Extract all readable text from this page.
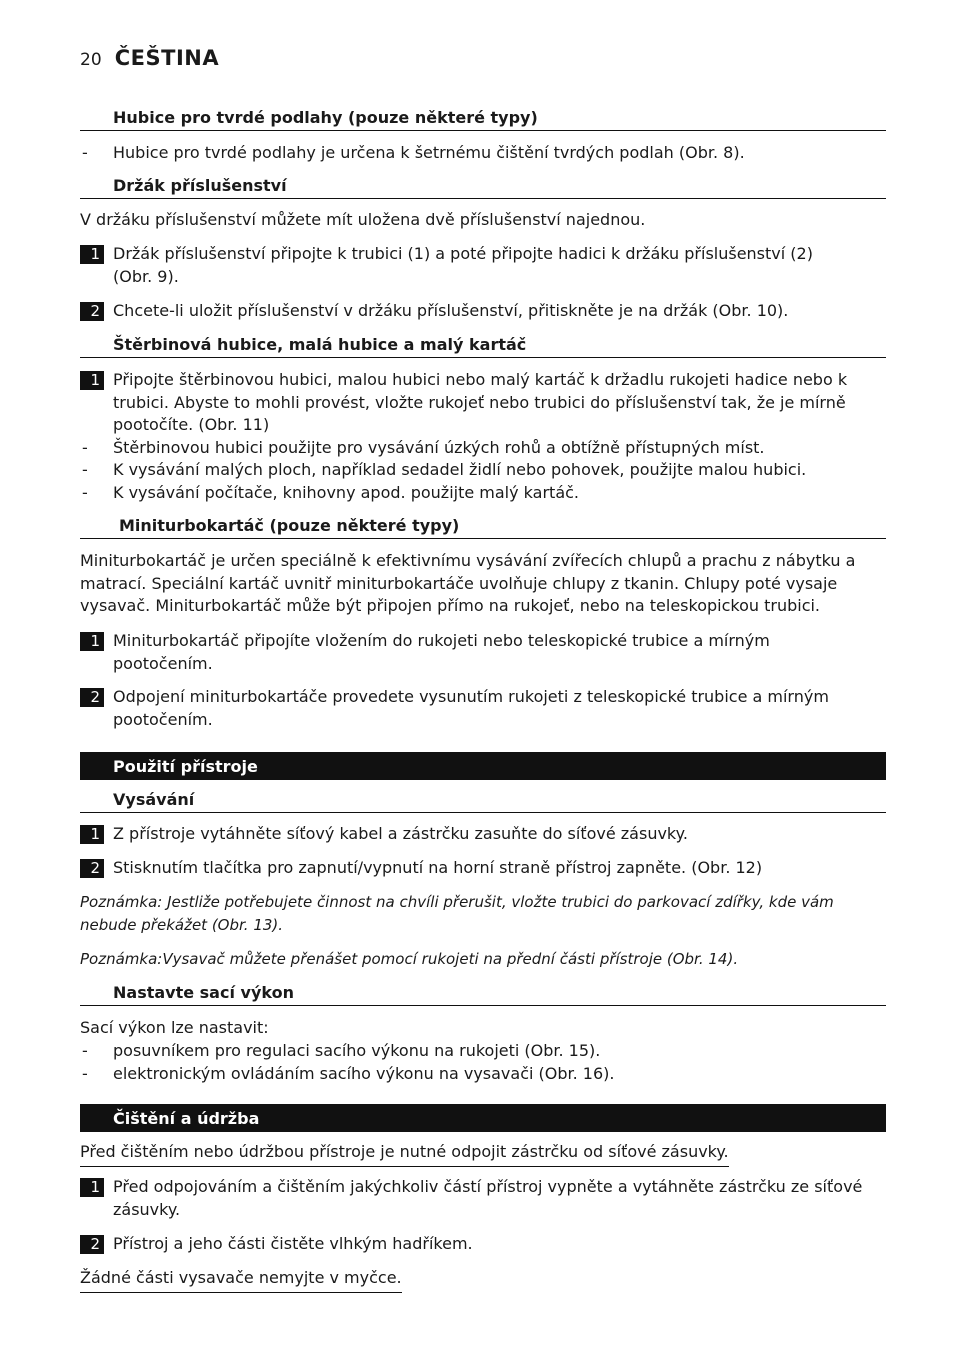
20 ČEŠTINA
Hubice pro tvrdé podlahy (pouze některé typy)
-	Hubice pro tvrdé podlahy je určena k šetrnému čištění tvrdých podlah (Obr. 8).
Držák příslušenství
V držáku příslušenství můžete mít uložena dvě příslušenství najednou.
1 Držák příslušenství připojte k trubici (1) a poté připojte hadici k držáku příslušenství (2) (Obr. 9).
2 Chcete-li uložit příslušenství v držáku příslušenství, přitiskněte je na držák (Obr. 10).
Štěrbinová hubice, malá hubice a malý kartáč
1 Připojte štěrbinovou hubici, malou hubici nebo malý kartáč k držadlu rukojeti hadice nebo k trubici. Abyste to mohli provést, vložte rukojeť nebo trubici do příslušenství tak, že je mírně pootočíte. (Obr. 11)
-	Štěrbinovou hubici použijte pro vysávání úzkých rohů a obtížně přístupných míst.
-	K vysávání malých ploch, například sedadel židlí nebo pohovek, použijte malou hubici.
-	K vysávání počítače, knihovny apod. použijte malý kartáč.
Miniturbokartáč (pouze některé typy)
Miniturbokartáč je určen speciálně k efektivnímu vysávání zvířecích chlupů a prachu z nábytku a matrací. Speciální kartáč uvnitř miniturbokartáče uvolňuje chlupy z tkanin. Chlupy poté vysaje vysavač. Miniturbokartáč může být připojen přímo na rukojeť, nebo na teleskopickou trubici.
1 Miniturbokartáč připojíte vložením do rukojeti nebo teleskopické trubice a mírným pootočením.
2 Odpojení miniturbokartáče provedete vysunutím rukojeti z teleskopické trubice a mírným pootočením.
Použití přístroje
Vysávání
1 Z přístroje vytáhněte síťový kabel a zástrčku zasuňte do síťové zásuvky.
2 Stisknutím tlačítka pro zapnutí/vypnutí na horní straně přístroj zapněte. (Obr. 12)
Poznámka: Jestliže potřebujete činnost na chvíli přerušit, vložte trubici do parkovací zdířky, kde vám nebude překážet (Obr. 13).
Poznámka:Vysavač můžete přenášet pomocí rukojeti na přední části přístroje (Obr. 14).
Nastavte sací výkon
Sací výkon lze nastavit:
-	posuvníkem pro regulaci sacího výkonu na rukojeti (Obr. 15).
-	elektronickým ovládáním sacího výkonu na vysavači (Obr. 16).
Čištění a údržba
Před čištěním nebo údržbou přístroje je nutné odpojit zástrčku od síťové zásuvky.
1 Před odpojováním a čištěním jakýchkoliv částí přístroj vypněte a vytáhněte zástrčku ze síťové zásuvky.
2 Přístroj a jeho části čistěte vlhkým hadříkem.
Žádné části vysavače nemyjte v myčce.
